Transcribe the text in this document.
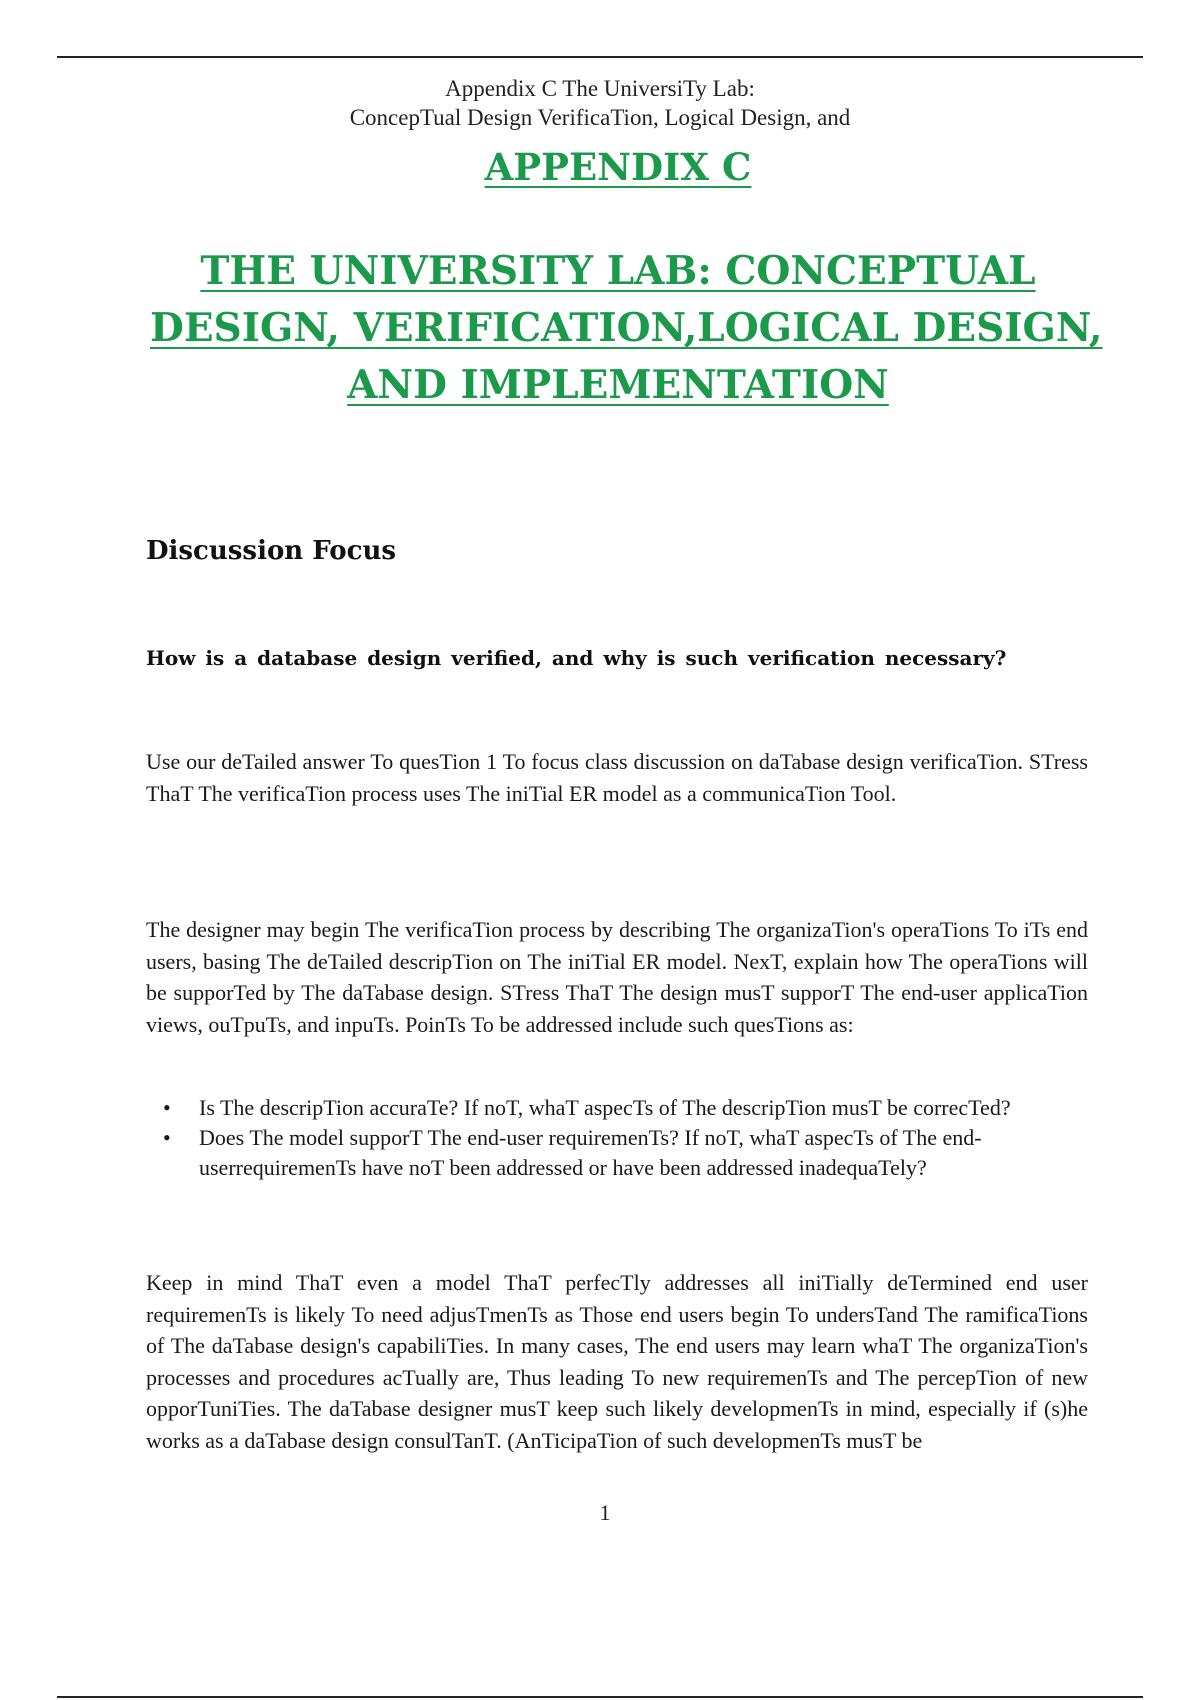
Appendix C The UniversiTy Lab:
ConcepTual Design VerificaTion, Logical Design, and
APPENDIX C
THE UNIVERSITY LAB: CONCEPTUAL
DESIGN, VERIFICATION,LOGICAL DESIGN,
AND IMPLEMENTATION
Discussion Focus
How is a database design verified, and why is such verification necessary?

Use our deTailed answer To quesTion 1 To focus class discussion on daTabase design verificaTion. STress ThaT The verificaTion process uses The iniTial ER model as a communicaTion Tool.

The designer may begin The verificaTion process by describing The organizaTion's operaTions To iTs end users, basing The deTailed descripTion on The iniTial ER model. NexT, explain how The operaTions will be supporTed by The daTabase design. STress ThaT The design musT supporT The end-user applicaTion views, ouTpuTs, and inpuTs. PoinTs To be addressed include such quesTions as:

• Is The descripTion accuraTe? If noT, whaT aspecTs of The descripTion musT be correcTed?
• Does The model supporT The end-user requiremenTs? If noT, whaT aspecTs of The end-userrequiremenTs have noT been addressed or have been addressed inadequaTely?

Keep in mind ThaT even a model ThaT perfecTly addresses all iniTially deTermined end user requiremenTs is likely To need adjusTmenTs as Those end users begin To undersTand The ramificaTions of The daTabase design's capabiliTies. In many cases, The end users may learn whaT The organizaTion's processes and procedures acTually are, Thus leading To new requiremenTs and The percepTion of new opporTuniTies. The daTabase designer musT keep such likely developmenTs in mind, especially if (s)he works as a daTabase design consulTanT. (AnTicipaTion of such developmenTs musT be

1
